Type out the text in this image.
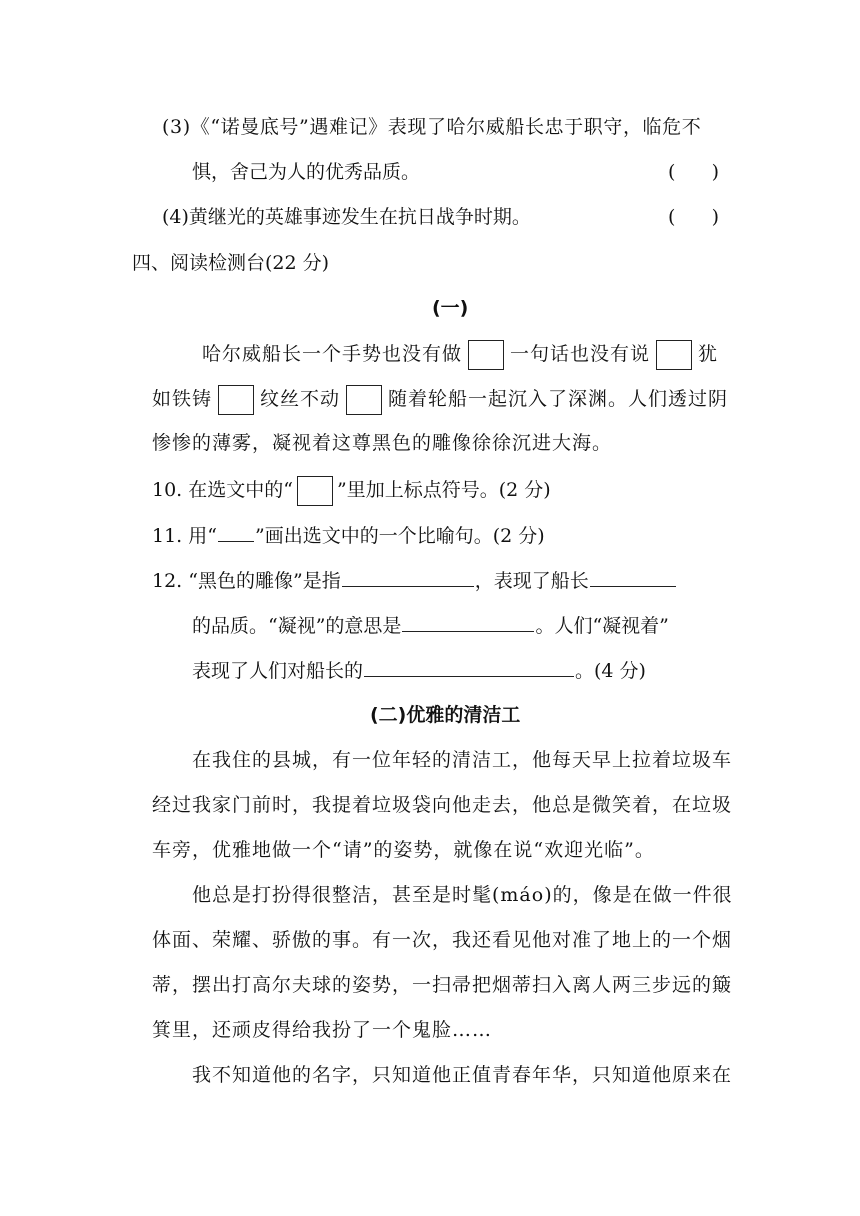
(3)《“诺曼底号”遇难记》表现了哈尔威船长忠于职守，临危不
惧，舍己为人的优秀品质。	(      )
(4)黄继光的英雄事迹发生在抗日战争时期。	(      )
四、阅读检测台(22 分)
(一)
哈尔威船长一个手势也没有做	一句话也没有说	犹
如铁铸	纹丝不动	随着轮船一起沉入了深渊。人们透过阴
惨惨的薄雾，凝视着这尊黑色的雕像徐徐沉进大海。
10. 在选文中的“ ”里加上标点符号。(2 分)
11. 用“ ”画出选文中的一个比喻句。(2 分)
12. “黑色的雕像”是指	，表现了船长
的品质。“凝视”的意思是	。人们“凝视着”
表现了人们对船长的	。(4 分)
(二)优雅的清洁工
在我住的县城，有一位年轻的清洁工，他每天早上拉着垃圾车
经过我家门前时，我提着垃圾袋向他走去，他总是微笑着，在垃圾
车旁，优雅地做一个“请”的姿势，就像在说“欢迎光临”。
他总是打扮得很整洁，甚至是时髦(máo)的，像是在做一件很
体面、荣耀、骄傲的事。有一次，我还看见他对准了地上的一个烟
蒂，摆出打高尔夫球的姿势，一扫帚把烟蒂扫入离人两三步远的簸
箕里，还顽皮得给我扮了一个鬼脸……
我不知道他的名字，只知道他正值青春年华，只知道他原来在
